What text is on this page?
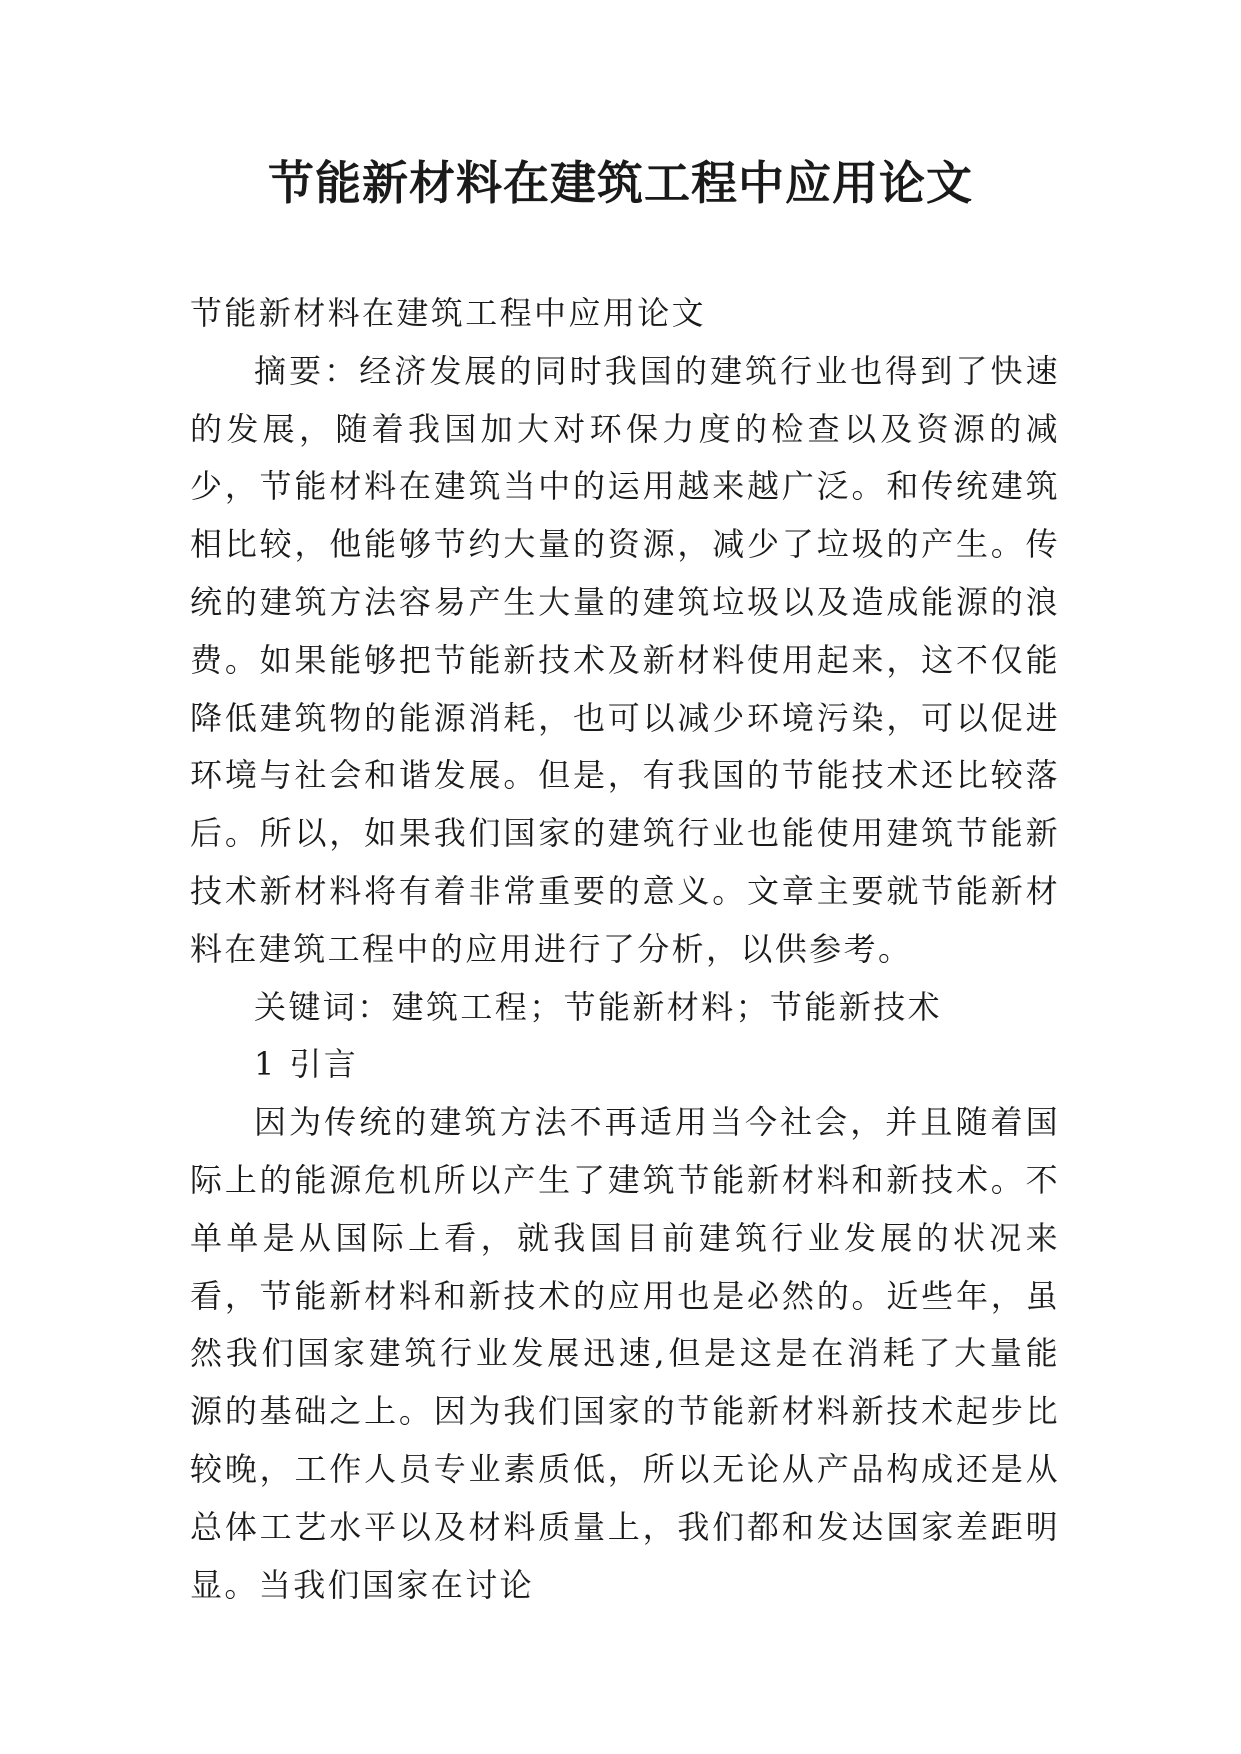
节能新材料在建筑工程中应用论文

节能新材料在建筑工程中应用论文

摘要：经济发展的同时我国的建筑行业也得到了快速的发展，随着我国加大对环保力度的检查以及资源的减少，节能材料在建筑当中的运用越来越广泛。和传统建筑相比较，他能够节约大量的资源，减少了垃圾的产生。传统的建筑方法容易产生大量的建筑垃圾以及造成能源的浪费。如果能够把节能新技术及新材料使用起来，这不仅能降低建筑物的能源消耗，也可以减少环境污染，可以促进环境与社会和谐发展。但是，有我国的节能技术还比较落后。所以，如果我们国家的建筑行业也能使用建筑节能新技术新材料将有着非常重要的意义。文章主要就节能新材料在建筑工程中的应用进行了分析，以供参考。

关键词：建筑工程；节能新材料；节能新技术

1 引言

因为传统的建筑方法不再适用当今社会，并且随着国际上的能源危机所以产生了建筑节能新材料和新技术。不单单是从国际上看，就我国目前建筑行业发展的状况来看，节能新材料和新技术的应用也是必然的。近些年，虽然我们国家建筑行业发展迅速,但是这是在消耗了大量能源的基础之上。因为我们国家的节能新材料新技术起步比较晚，工作人员专业素质低，所以无论从产品构成还是从总体工艺水平以及材料质量上，我们都和发达国家差距明显。当我们国家在讨论
